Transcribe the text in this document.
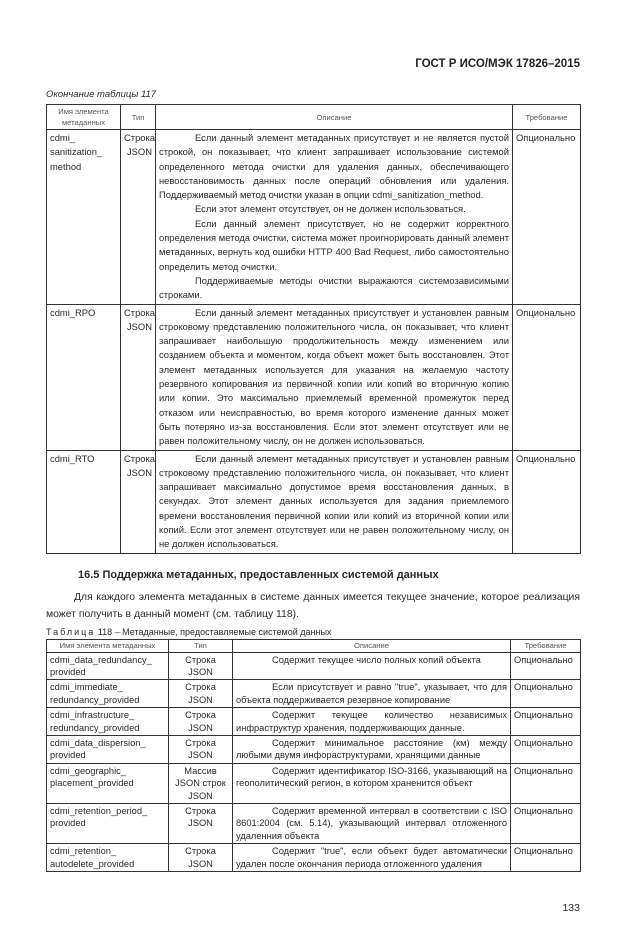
ГОСТ Р ИСО/МЭК 17826–2015
Окончание таблицы 117
Имя элемента метаданных	Тип	Описание	Требование
cdmi_ sanitization_ method	Строка JSON	Если данный элемент метаданных присутствует и не является пустой строкой, он показывает, что клиент запрашивает использование системой определенного метода очистки для удаления данных, обеспечивающего невосстановимость данных после операций обновления или удаления. Поддерживаемый метод очистки указан в опции cdmi_sanitization_method.

Если этот элемент отсутствует, он не должен использоваться.

Если данный элемент присутствует, но не содержит корректного определения метода очистки, система может проигнорировать данный элемент метаданных, вернуть код ошибки HTTP 400 Bad Request, либо самостоятельно определить метод очистки.

Поддерживаемые методы очистки выражаются системозависимыми строками.	Опционально
cdmi_RPO	Строка JSON	Если данный элемент метаданных присутствует и установлен равным строковому представлению положительного числа, он показывает, что клиент запрашивает наибольшую продолжительность между изменением или созданием объекта и моментом, когда объект может быть восстановлен. Этот элемент метаданных используется для указания на желаемую частоту резервного копирования из первичной копии или копий во вторичную копию или копии. Это максимально приемлемый временной промежуток перед отказом или неисправностью, во время которого изменение данных может быть потеряно из-за восстановления. Если этот элемент отсутствует или не равен положительному числу, он не должен использоваться.	Опционально
cdmi_RTO	Строка JSON	Если данный элемент метаданных присутствует и установлен равным строковому представлению положительного числа, он показывает, что клиент запрашивает максимально допустимое время восстановления данных, в секундах. Этот элемент данных используется для задания приемлемого времени восстановления первичной копии или копий из вторичной копии или копий. Если этот элемент отсутствует или не равен положительному числу, он не должен использоваться.	Опционально
16.5 Поддержка метаданных, предоставленных системой данных
Для каждого элемента метаданных в системе данных имеется текущее значение, которое реализация может получить в данный момент (см. таблицу 118).
Таблица 118 – Метаданные, предоставляемые системой данных
Имя элемента метаданных	Тип	Описание	Требование
cdmi_data_redundancy_ provided	Строка JSON	Содержит текущее число полных копий объекта	Опционально
cdmi_immediate_ redundancy_provided	Строка JSON	Если присутствует и равно "true", указывает, что для объекта поддерживается резервное копирование	Опционально
cdmi_infrastructure_ redundancy_provided	Строка JSON	Содержит текущее количество независимых инфраструктур хранения, поддерживающих данные.	Опционально
cdmi_data_dispersion_ provided	Строка JSON	Содержит минимальное расстояние (км) между любыми двумя инфораструктурами, хранящими данные	Опционально
cdmi_geographic_ placement_provided	Массив JSON строк JSON	Содержит идентификатор ISO-3166, указывающий на геополитический регион, в котором храненится объект	Опционально
cdmi_retention_period_ provided	Строка JSON	Содержит временной интервал в соответствии с ISO 8601:2004 (см. 5.14), указывающий интервал отложенного удаленния объекта	Опционально
cdmi_retention_ autodelete_provided	Строка JSON	Содержит "true", если объект будет автоматически удален после окончания периода отложенного удаления	Опционально
133
